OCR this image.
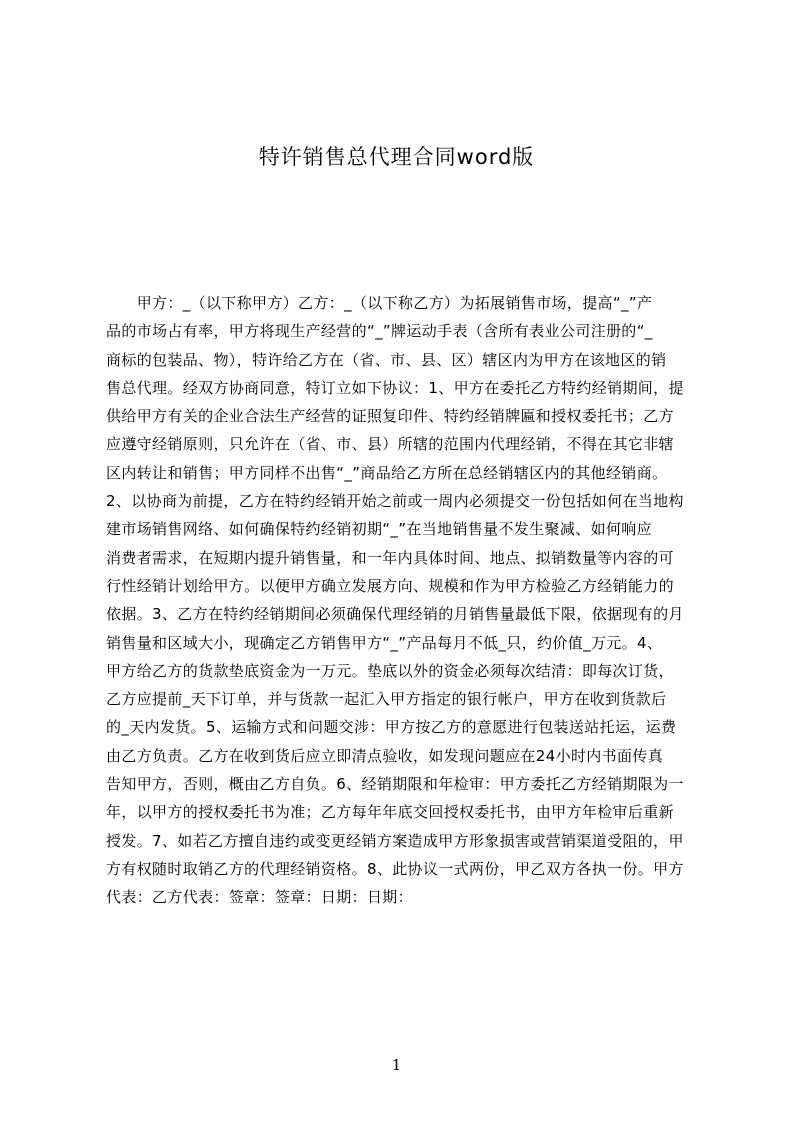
特许销售总代理合同word版
　　甲方：_（以下称甲方）乙方：_（以下称乙方）为拓展销售市场，提高“_”产
品的市场占有率，甲方将现生产经营的“_”牌运动手表（含所有表业公司注册的“_
商标的包装品、物），特许给乙方在（省、市、县、区）辖区内为甲方在该地区的销
售总代理。经双方协商同意，特订立如下协议：1、甲方在委托乙方特约经销期间，提
供给甲方有关的企业合法生产经营的证照复印件、特约经销牌匾和授权委托书；乙方
应遵守经销原则，只允许在（省、市、县）所辖的范围内代理经销，不得在其它非辖
区内转让和销售；甲方同样不出售“_”商品给乙方所在总经销辖区内的其他经销商。
2、以协商为前提，乙方在特约经销开始之前或一周内必须提交一份包括如何在当地构
建市场销售网络、如何确保特约经销初期“_”在当地销售量不发生聚减、如何响应
消费者需求，在短期内提升销售量，和一年内具体时间、地点、拟销数量等内容的可
行性经销计划给甲方。以便甲方确立发展方向、规模和作为甲方检验乙方经销能力的
依据。3、乙方在特约经销期间必须确保代理经销的月销售量最低下限，依据现有的月
销售量和区域大小，现确定乙方销售甲方“_”产品每月不低_只，约价值_万元。4、
甲方给乙方的货款垫底资金为一万元。垫底以外的资金必须每次结清：即每次订货，
乙方应提前_天下订单，并与货款一起汇入甲方指定的银行帐户，甲方在收到货款后
的_天内发货。5、运输方式和问题交涉：甲方按乙方的意愿进行包装送站托运，运费
由乙方负责。乙方在收到货后应立即清点验收，如发现问题应在24小时内书面传真
告知甲方，否则，概由乙方自负。6、经销期限和年检审：甲方委托乙方经销期限为一
年，以甲方的授权委托书为准；乙方每年年底交回授权委托书，由甲方年检审后重新
授发。7、如若乙方擅自违约或变更经销方案造成甲方形象损害或营销渠道受阻的，甲
方有权随时取销乙方的代理经销资格。8、此协议一式两份，甲乙双方各执一份。甲方
代表：乙方代表：签章：签章：日期：日期：
1
